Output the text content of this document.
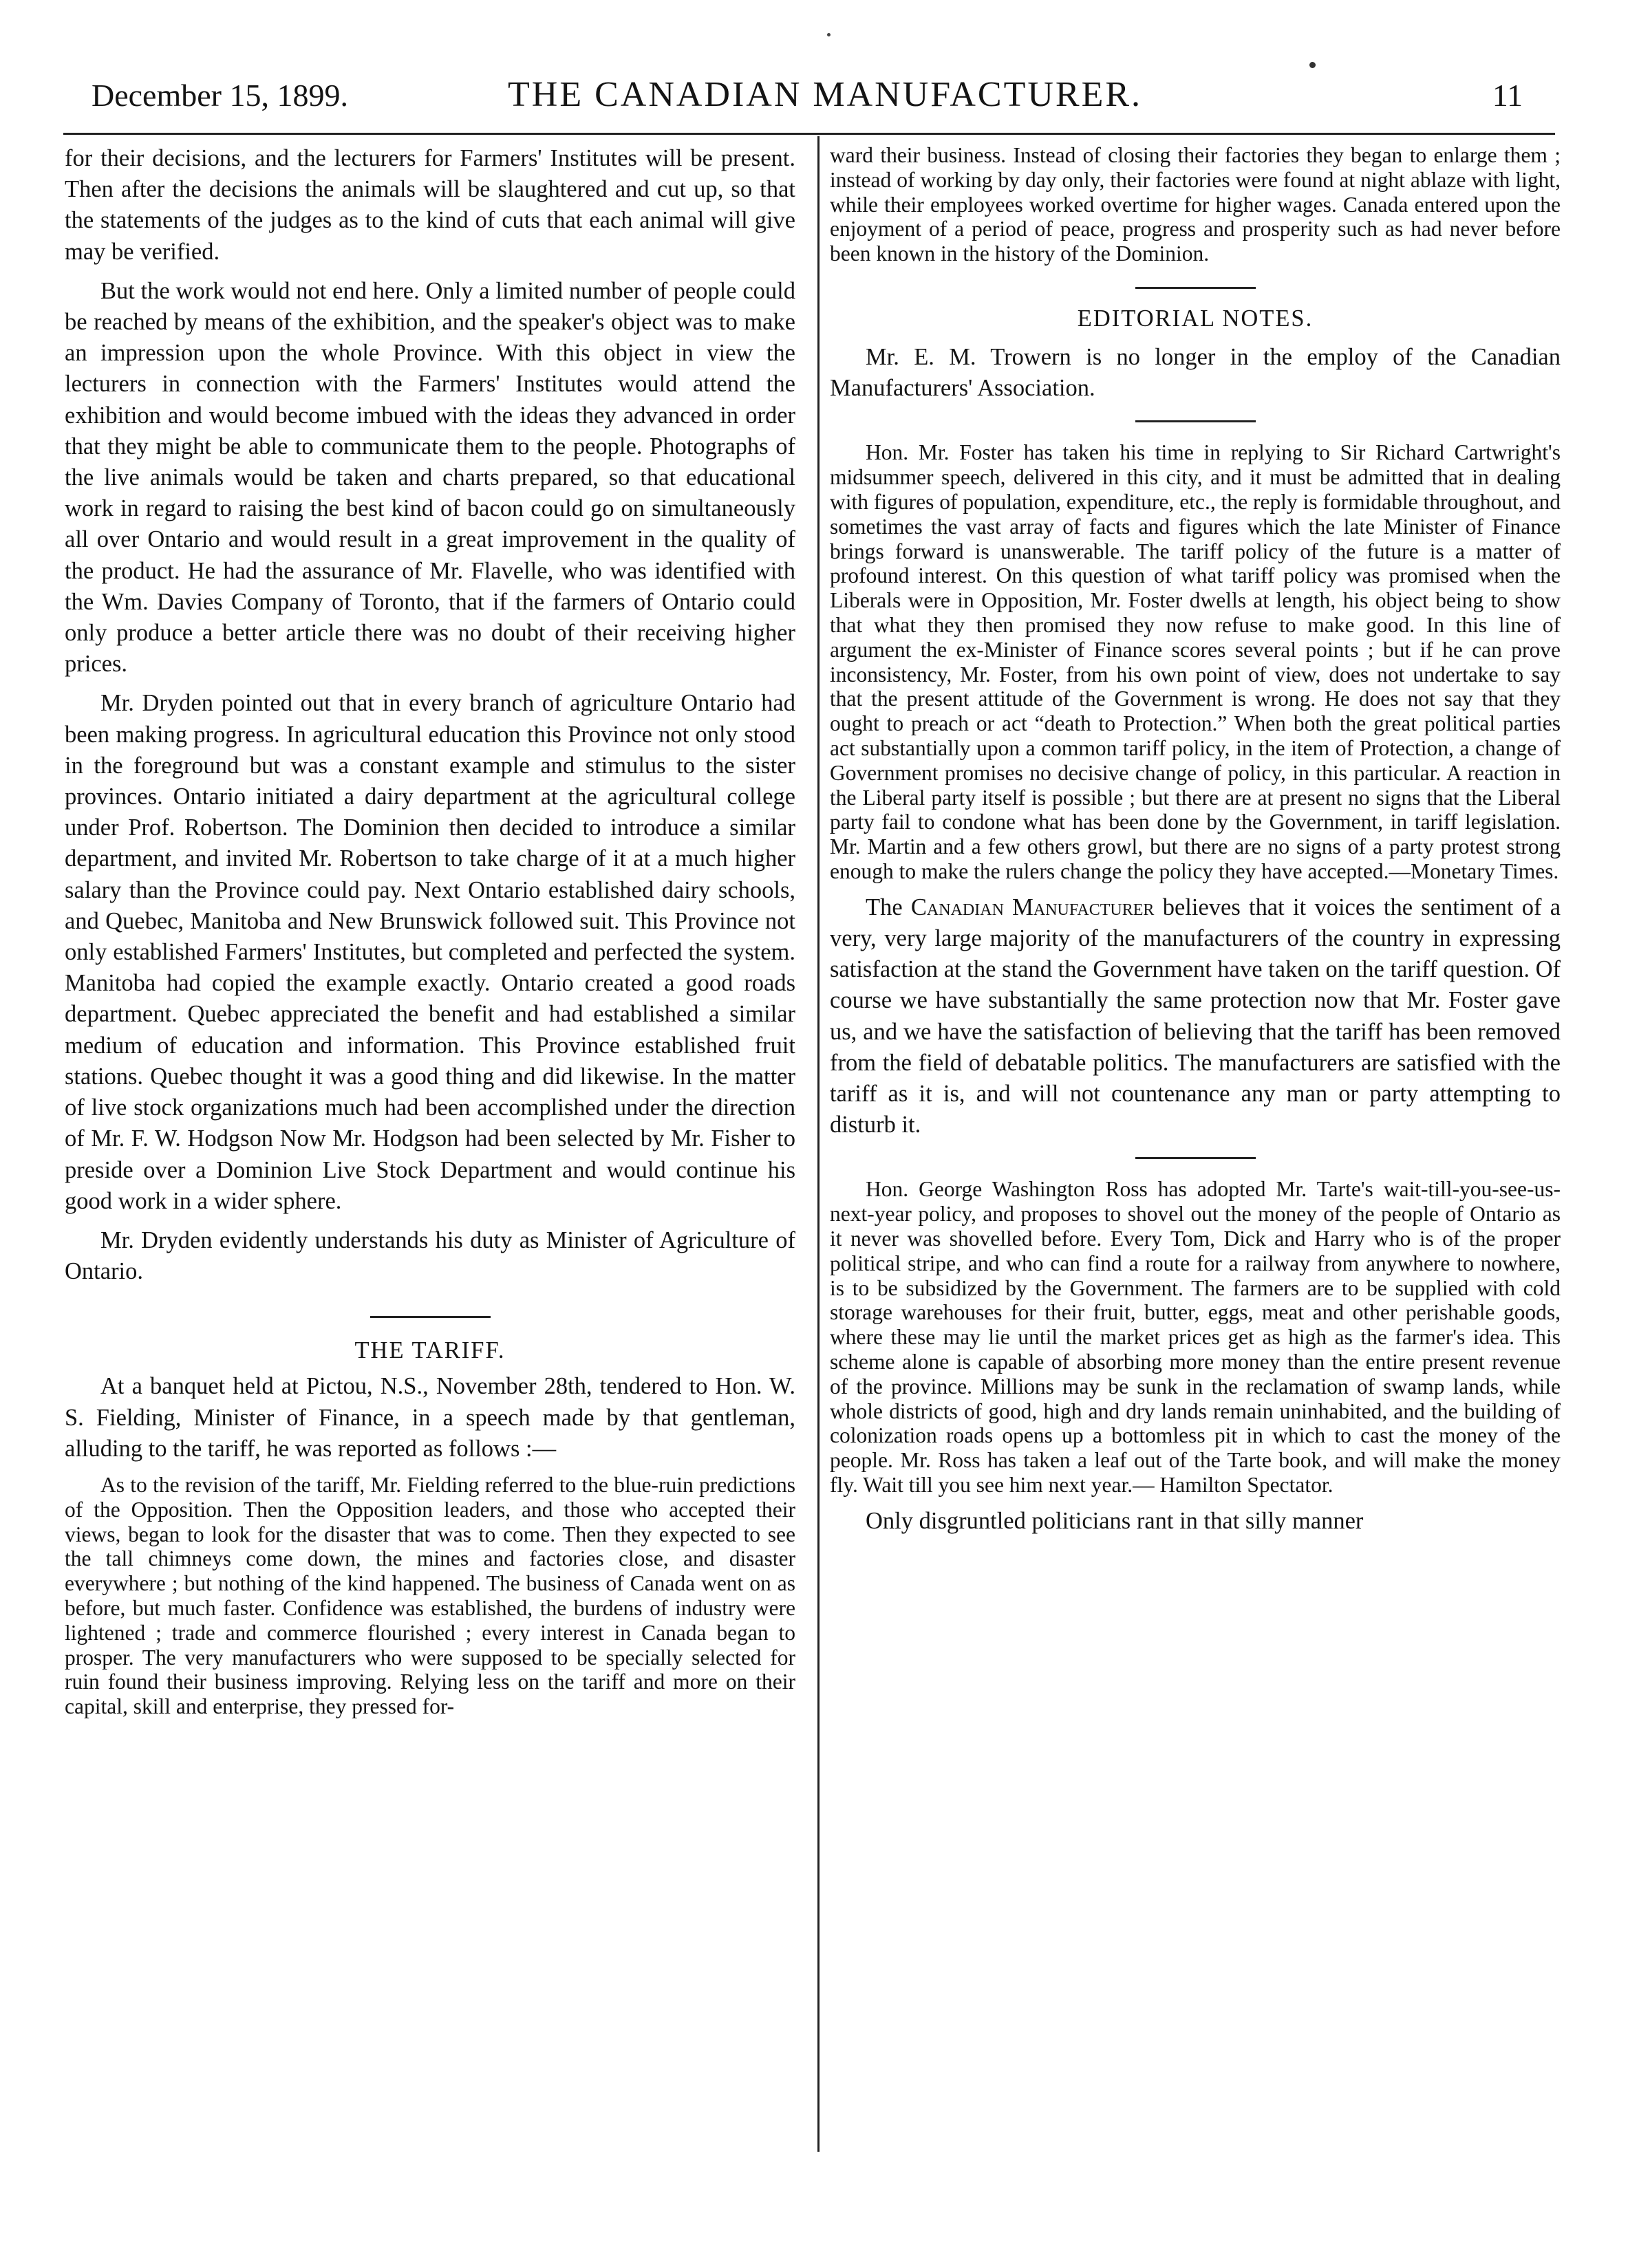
December 15, 1899.	THE CANADIAN MANUFACTURER.	11

for their decisions, and the lecturers for Farmers' Institutes will be present. Then after the decisions the animals will be slaughtered and cut up, so that the statements of the judges as to the kind of cuts that each animal will give may be verified.

But the work would not end here. Only a limited number of people could be reached by means of the exhibition, and the speaker's object was to make an impression upon the whole Province. With this object in view the lecturers in connection with the Farmers' Institutes would attend the exhibition and would become imbued with the ideas they advanced in order that they might be able to communicate them to the people. Photographs of the live animals would be taken and charts prepared, so that educational work in regard to raising the best kind of bacon could go on simultaneously all over Ontario and would result in a great improvement in the quality of the product. He had the assurance of Mr. Flavelle, who was identified with the Wm. Davies Company of Toronto, that if the farmers of Ontario could only produce a better article there was no doubt of their receiving higher prices.

Mr. Dryden pointed out that in every branch of agriculture Ontario had been making progress. In agricultural education this Province not only stood in the foreground but was a constant example and stimulus to the sister provinces. Ontario initiated a dairy department at the agricultural college under Prof. Robertson. The Dominion then decided to introduce a similar department, and invited Mr. Robertson to take charge of it at a much higher salary than the Province could pay. Next Ontario established dairy schools, and Quebec, Manitoba and New Brunswick followed suit. This Province not only established Farmers' Institutes, but completed and perfected the system. Manitoba had copied the example exactly. Ontario created a good roads department. Quebec appreciated the benefit and had established a similar medium of education and information. This Province established fruit stations. Quebec thought it was a good thing and did likewise. In the matter of live stock organizations much had been accomplished under the direction of Mr. F. W. Hodgson Now Mr. Hodgson had been selected by Mr. Fisher to preside over a Dominion Live Stock Department and would continue his good work in a wider sphere.

Mr. Dryden evidently understands his duty as Minister of Agriculture of Ontario.

THE TARIFF.

At a banquet held at Pictou, N.S., November 28th, tendered to Hon. W. S. Fielding, Minister of Finance, in a speech made by that gentleman, alluding to the tariff, he was reported as follows :—

As to the revision of the tariff, Mr. Fielding referred to the blue-ruin predictions of the Opposition. Then the Opposition leaders, and those who accepted their views, began to look for the disaster that was to come. Then they expected to see the tall chimneys come down, the mines and factories close, and disaster everywhere ; but nothing of the kind happened. The business of Canada went on as before, but much faster. Confidence was established, the burdens of industry were lightened ; trade and commerce flourished ; every interest in Canada began to prosper. The very manufacturers who were supposed to be specially selected for ruin found their business improving. Relying less on the tariff and more on their capital, skill and enterprise, they pressed for-

ward their business. Instead of closing their factories they began to enlarge them ; instead of working by day only, their factories were found at night ablaze with light, while their employees worked overtime for higher wages. Canada entered upon the enjoyment of a period of peace, progress and prosperity such as had never before been known in the history of the Dominion.

EDITORIAL NOTES.

Mr. E. M. Trowern is no longer in the employ of the Canadian Manufacturers' Association.

Hon. Mr. Foster has taken his time in replying to Sir Richard Cartwright's midsummer speech, delivered in this city, and it must be admitted that in dealing with figures of population, expenditure, etc., the reply is formidable throughout, and sometimes the vast array of facts and figures which the late Minister of Finance brings forward is unanswerable. The tariff policy of the future is a matter of profound interest. On this question of what tariff policy was promised when the Liberals were in Opposition, Mr. Foster dwells at length, his object being to show that what they then promised they now refuse to make good. In this line of argument the ex-Minister of Finance scores several points ; but if he can prove inconsistency, Mr. Foster, from his own point of view, does not undertake to say that the present attitude of the Government is wrong. He does not say that they ought to preach or act “death to Protection.” When both the great political parties act substantially upon a common tariff policy, in the item of Protection, a change of Government promises no decisive change of policy, in this particular. A reaction in the Liberal party itself is possible ; but there are at present no signs that the Liberal party fail to condone what has been done by the Government, in tariff legislation. Mr. Martin and a few others growl, but there are no signs of a party protest strong enough to make the rulers change the policy they have accepted.—Monetary Times.

The Canadian Manufacturer believes that it voices the sentiment of a very, very large majority of the manufacturers of the country in expressing satisfaction at the stand the Government have taken on the tariff question. Of course we have substantially the same protection now that Mr. Foster gave us, and we have the satisfaction of believing that the tariff has been removed from the field of debatable politics. The manufacturers are satisfied with the tariff as it is, and will not countenance any man or party attempting to disturb it.

Hon. George Washington Ross has adopted Mr. Tarte's wait-till-you-see-us-next-year policy, and proposes to shovel out the money of the people of Ontario as it never was shovelled before. Every Tom, Dick and Harry who is of the proper political stripe, and who can find a route for a railway from anywhere to nowhere, is to be subsidized by the Government. The farmers are to be supplied with cold storage warehouses for their fruit, butter, eggs, meat and other perishable goods, where these may lie until the market prices get as high as the farmer's idea. This scheme alone is capable of absorbing more money than the entire present revenue of the province. Millions may be sunk in the reclamation of swamp lands, while whole districts of good, high and dry lands remain uninhabited, and the building of colonization roads opens up a bottomless pit in which to cast the money of the people. Mr. Ross has taken a leaf out of the Tarte book, and will make the money fly. Wait till you see him next year.— Hamilton Spectator.

Only disgruntled politicians rant in that silly manner
